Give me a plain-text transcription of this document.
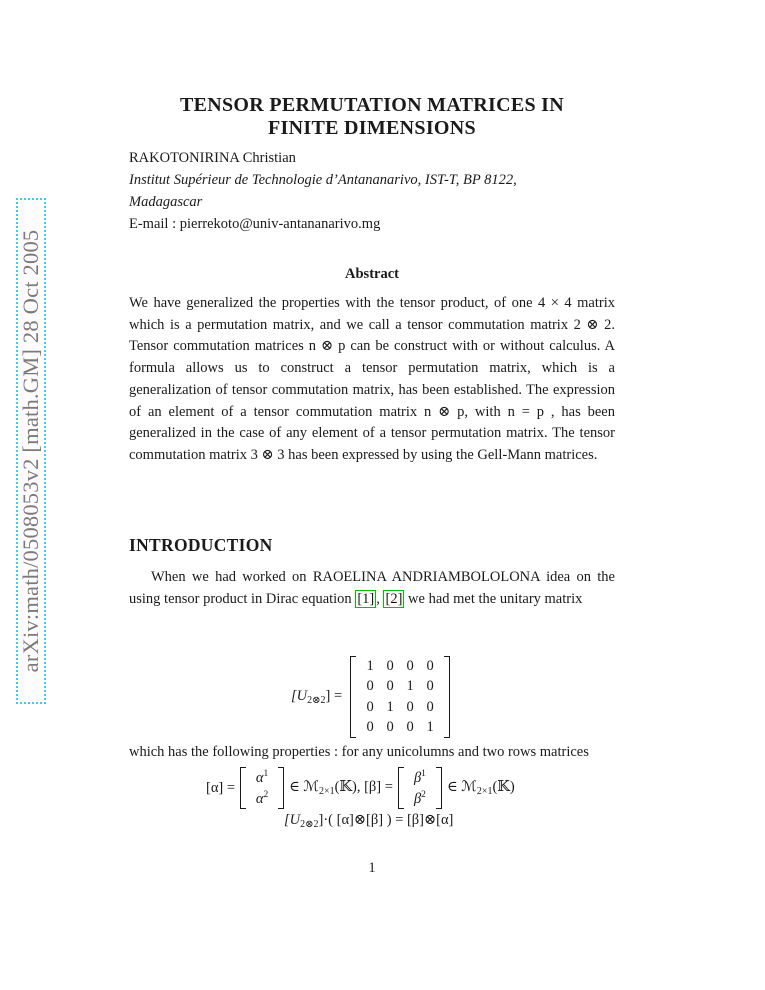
arXiv:math/0508053v2 [math.GM] 28 Oct 2005
TENSOR PERMUTATION MATRICES IN
FINITE DIMENSIONS
RAKOTONIRINA Christian
Institut Supérieur de Technologie d’Antananarivo, IST-T, BP 8122,
Madagascar
E-mail : pierrekoto@univ-antananarivo.mg
Abstract
We have generalized the properties with the tensor product, of one 4 × 4 matrix which is a permutation matrix, and we call a tensor commutation matrix 2 ⊗ 2. Tensor commutation matrices n ⊗ p can be construct with or without calculus. A formula allows us to construct a tensor permutation matrix, which is a generalization of tensor commutation matrix, has been established. The expression of an element of a tensor commutation matrix n ⊗ p, with n = p , has been generalized in the case of any element of a tensor permutation matrix. The tensor commutation matrix 3 ⊗ 3 has been expressed by using the Gell-Mann matrices.
INTRODUCTION
When we had worked on RAOELINA ANDRIAMBOLOLONA idea on the using tensor product in Dirac equation [1] , [2] we had met the unitary matrix
$[U_{2\otimes 2}]$ =
1 0 0 0
0 0 1 0
0 1 0 0
0 0 0 1
which has the following properties : for any unicolumns and two rows matrices
[α] =
$\alpha^1$
$\alpha^2$	∈ ℳ$_{2\times 1}$(𝕂), [β] =
$\beta^1$
$\beta^2$	∈ ℳ$_{2\times 1}$(𝕂)
$[U_{2\otimes 2}]\cdot$( [α]⊗[β] ) = [β]⊗[α]
1
